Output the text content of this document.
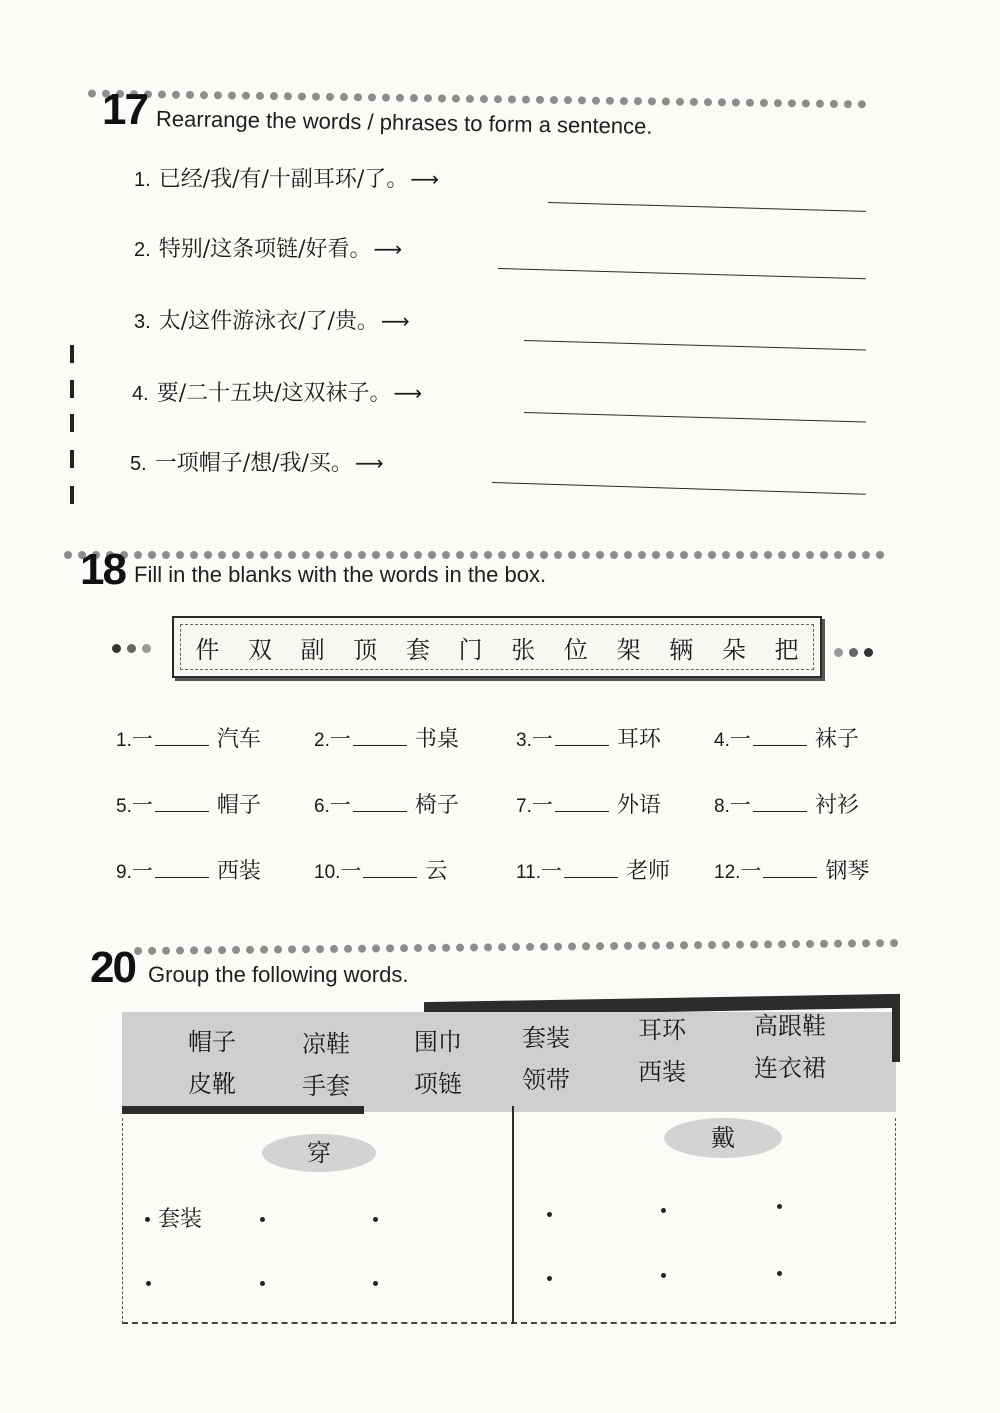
17 Rearrange the words / phrases to form a sentence.
1. 已经/我/有/十副耳环/了。 ⟶
2. 特别/这条项链/好看。 ⟶
3. 太/这件游泳衣/了/贵。 ⟶
4. 要/二十五块/这双袜子。 ⟶
5. 一项帽子/想/我/买。 ⟶
18 Fill in the blanks with the words in the box.
件 双 副 顶 套 门 张 位 架 辆 朵 把
1.一	汽车	2.一	书桌	3.一	耳环	4.一	袜子
5.一	帽子	6.一	椅子	7.一	外语	8.一	衬衫
9.一	西装	10.一	云	11.一	老师 12.一	钢琴
20 Group the following words.
帽子	凉鞋	围巾	套装	耳环	高跟鞋
皮靴	手套	项链	领带	西装	连衣裙
穿
戴
套装
